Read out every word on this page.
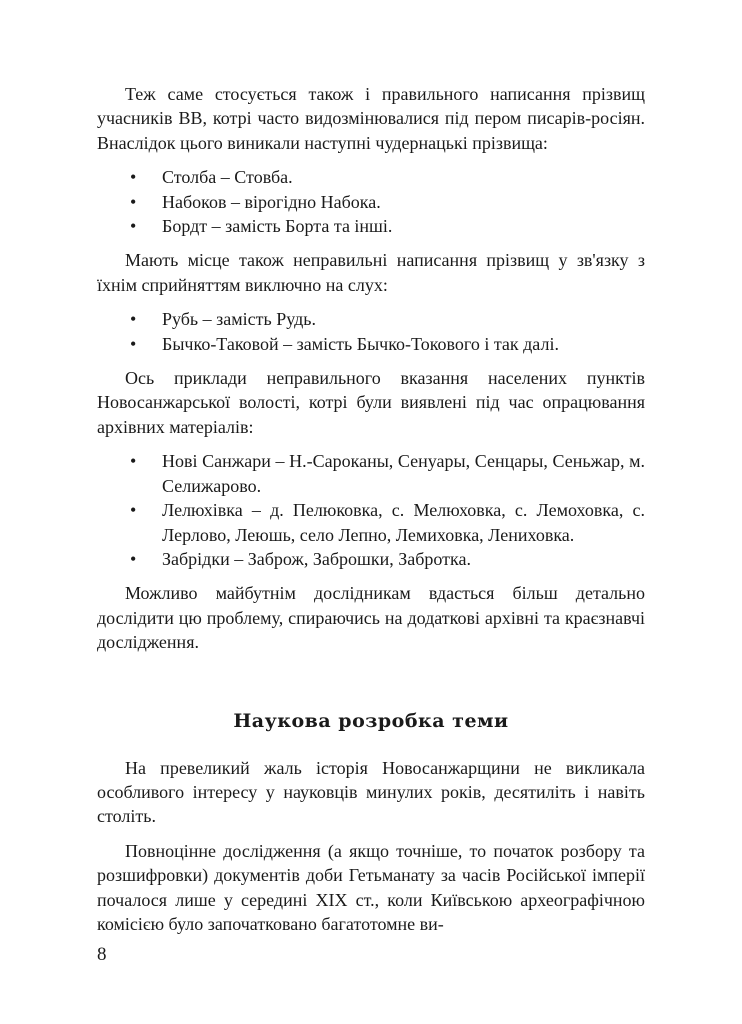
Теж саме стосується також і правильного написання прізвищ учасників ВВ, котрі часто видозмінювалися під пером писарів-росіян. Внаслідок цього виникали наступні чудернацькі прізвища:

• Столба – Стовба.
• Набоков – вірогідно Набока.
• Бордт – замість Борта та інші.

Мають місце також неправильні написання прізвищ у зв'язку з їхнім сприйняттям виключно на слух:

• Рубь – замість Рудь.
• Бычко-Таковой – замість Бычко-Токового і так далі.

Ось приклади неправильного вказання населених пунктів Новосанжарської волості, котрі були виявлені під час опрацювання архівних матеріалів:

• Нові Санжари – Н.-Сароканы, Сенуары, Сенцары, Сеньжар, м. Селижарово.
• Лелюхівка – д. Пелюковка, с. Мелюховка, с. Лемоховка, с. Лерлово, Леюшь, село Лепно, Лемиховка, Лениховка.
• Забрідки – Заброж, Заброшки, Забротка.

Можливо майбутнім дослідникам вдасться більш детально дослідити цю проблему, спираючись на додаткові архівні та краєзнавчі дослідження.

Наукова розробка теми

На превеликий жаль історія Новосанжарщини не викликала особливого інтересу у науковців минулих років, десятиліть і навіть століть.

Повноцінне дослідження (а якщо точніше, то початок розбору та розшифровки) документів доби Гетьманату за часів Російської імперії почалося лише у середині XIX ст., коли Київською археографічною комісією було започатковано багатотомне ви-

8
